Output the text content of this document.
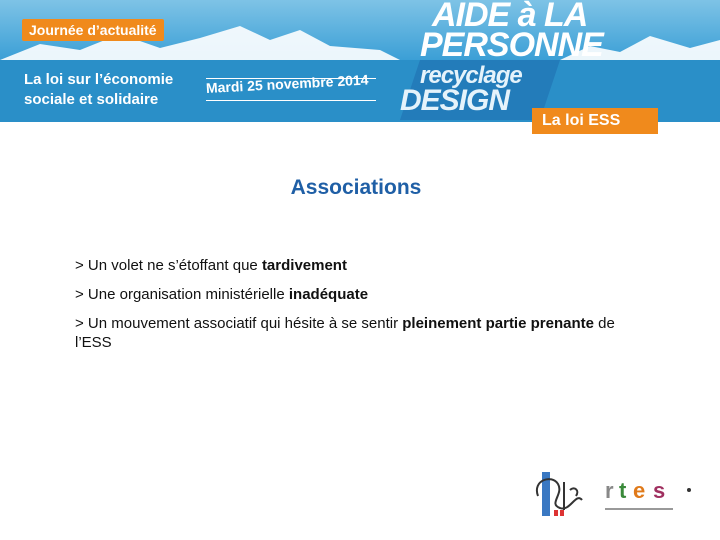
Journée d’actualité
La loi sur l’économie
sociale et solidaire
Mardi 25 novembre 2014
AIDE à LA
PERSONNE
recyclage
DESIGN
La loi ESS
Associations

> Un volet ne s’étoffant que tardivement

> Une organisation ministérielle inadéquate

> Un mouvement associatif qui hésite à se sentir pleinement partie prenante de l’ESS

r t e s
